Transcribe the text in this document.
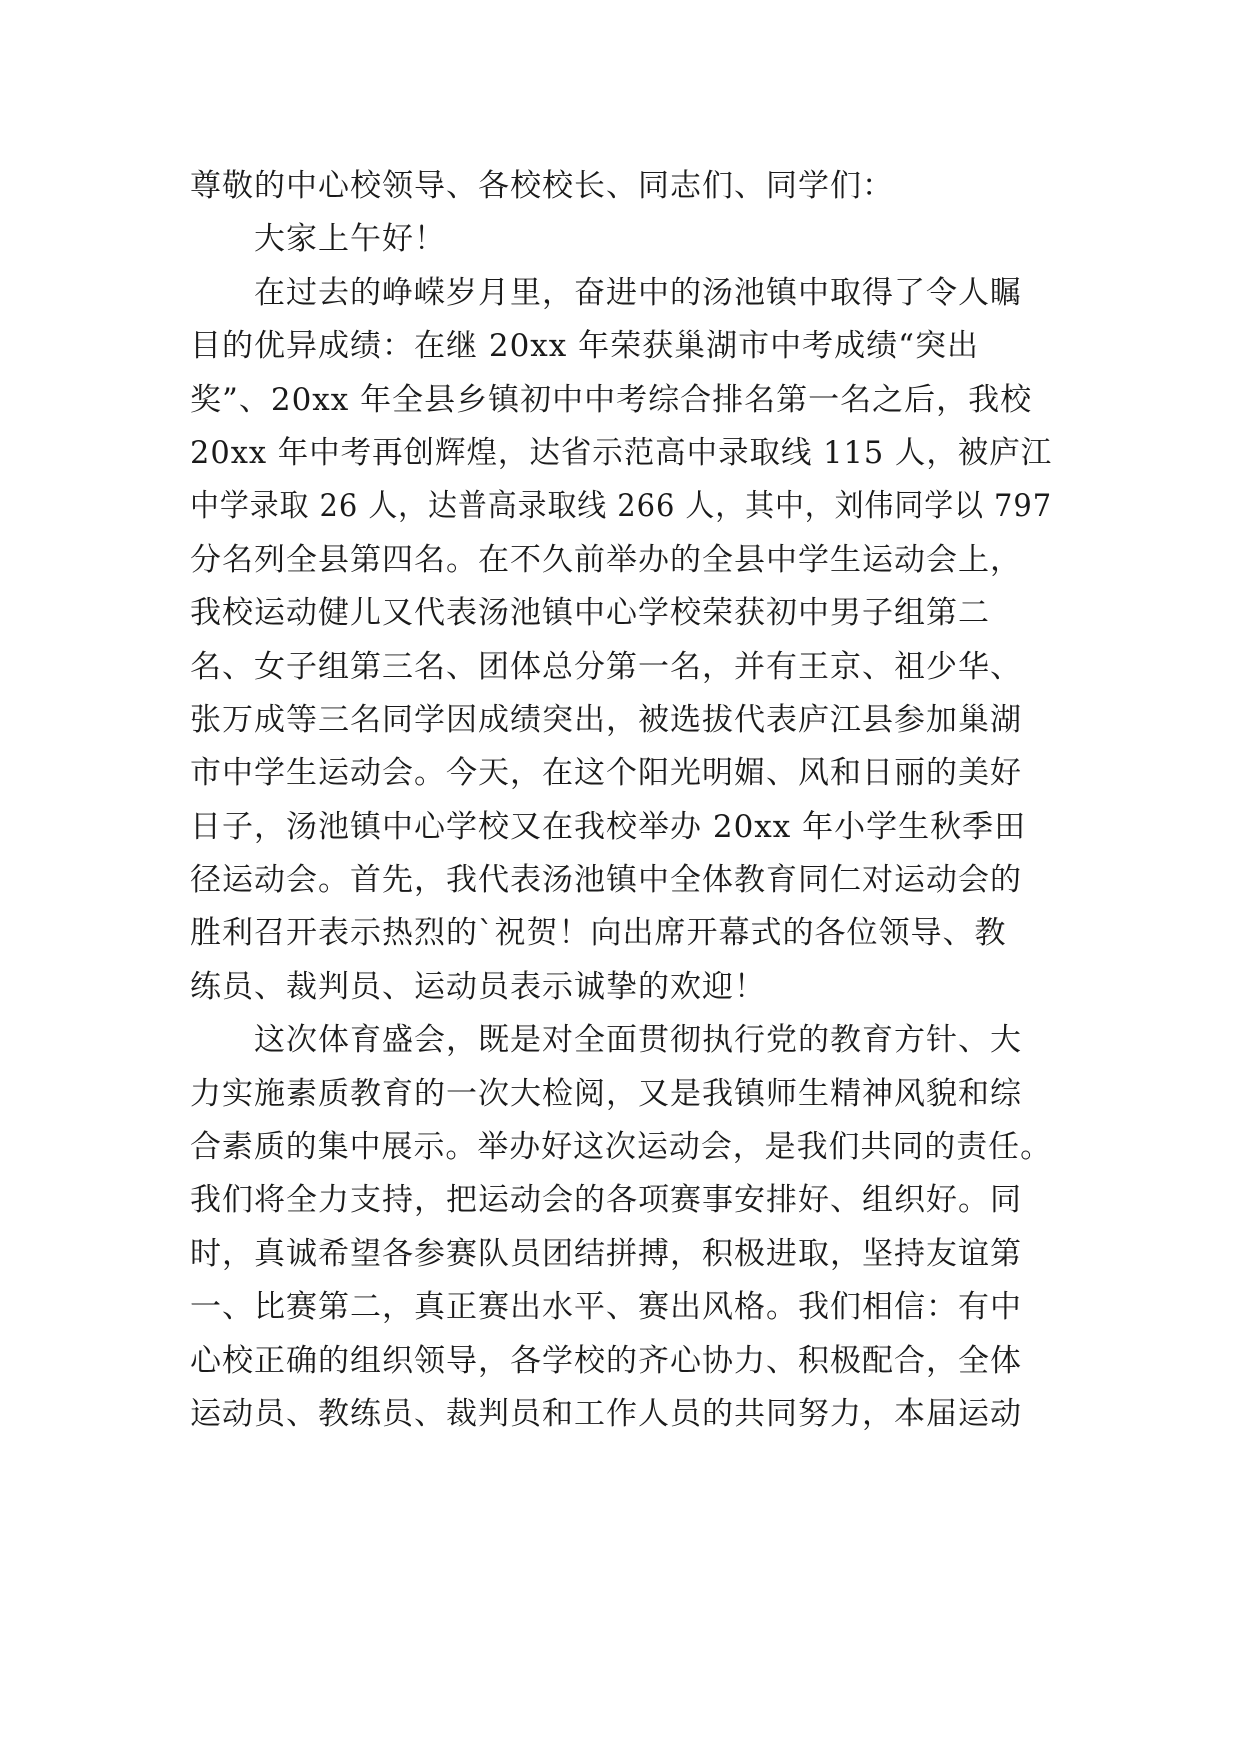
尊敬的中心校领导、各校校长、同志们、同学们：
大家上午好！
在过去的峥嵘岁月里，奋进中的汤池镇中取得了令人瞩
目的优异成绩：在继 20xx 年荣获巢湖市中考成绩“突出
奖”、20xx 年全县乡镇初中中考综合排名第一名之后，我校
20xx 年中考再创辉煌，达省示范高中录取线 115 人，被庐江
中学录取 26 人，达普高录取线 266 人，其中，刘伟同学以 797
分名列全县第四名。在不久前举办的全县中学生运动会上，
我校运动健儿又代表汤池镇中心学校荣获初中男子组第二
名、女子组第三名、团体总分第一名，并有王京、祖少华、
张万成等三名同学因成绩突出，被选拔代表庐江县参加巢湖
市中学生运动会。今天，在这个阳光明媚、风和日丽的美好
日子，汤池镇中心学校又在我校举办 20xx 年小学生秋季田
径运动会。首先，我代表汤池镇中全体教育同仁对运动会的
胜利召开表示热烈的`祝贺！向出席开幕式的各位领导、教
练员、裁判员、运动员表示诚挚的欢迎！
这次体育盛会，既是对全面贯彻执行党的教育方针、大
力实施素质教育的一次大检阅，又是我镇师生精神风貌和综
合素质的集中展示。举办好这次运动会，是我们共同的责任。
我们将全力支持，把运动会的各项赛事安排好、组织好。同
时，真诚希望各参赛队员团结拼搏，积极进取，坚持友谊第
一、比赛第二，真正赛出水平、赛出风格。我们相信：有中
心校正确的组织领导，各学校的齐心协力、积极配合，全体
运动员、教练员、裁判员和工作人员的共同努力，本届运动
